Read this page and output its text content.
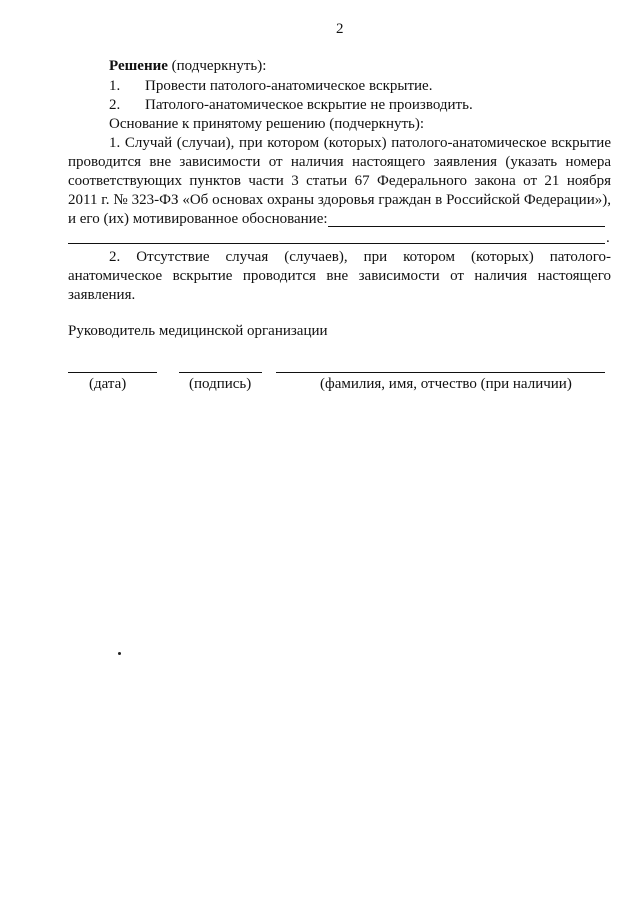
2
Решение (подчеркнуть):
1. Провести патолого-анатомическое вскрытие.
2. Патолого-анатомическое вскрытие не производить.
Основание к принятому решению (подчеркнуть):
1. Случай (случаи), при котором (которых) патолого-анатомическое вскрытие
проводится вне зависимости от наличия настоящего заявления (указать номера
соответствующих пунктов части 3 статьи 67 Федерального закона от 21 ноября
2011 г. № 323-ФЗ «Об основах охраны здоровья граждан в Российской Федерации»),
и его (их) мотивированное обоснование:
.
2. Отсутствие случая (случаев), при котором (которых) патолого-
анатомическое вскрытие проводится вне зависимости от наличия настоящего
заявления.
Руководитель медицинской организации
(дата)	(подпись)	(фамилия, имя, отчество (при наличии)
